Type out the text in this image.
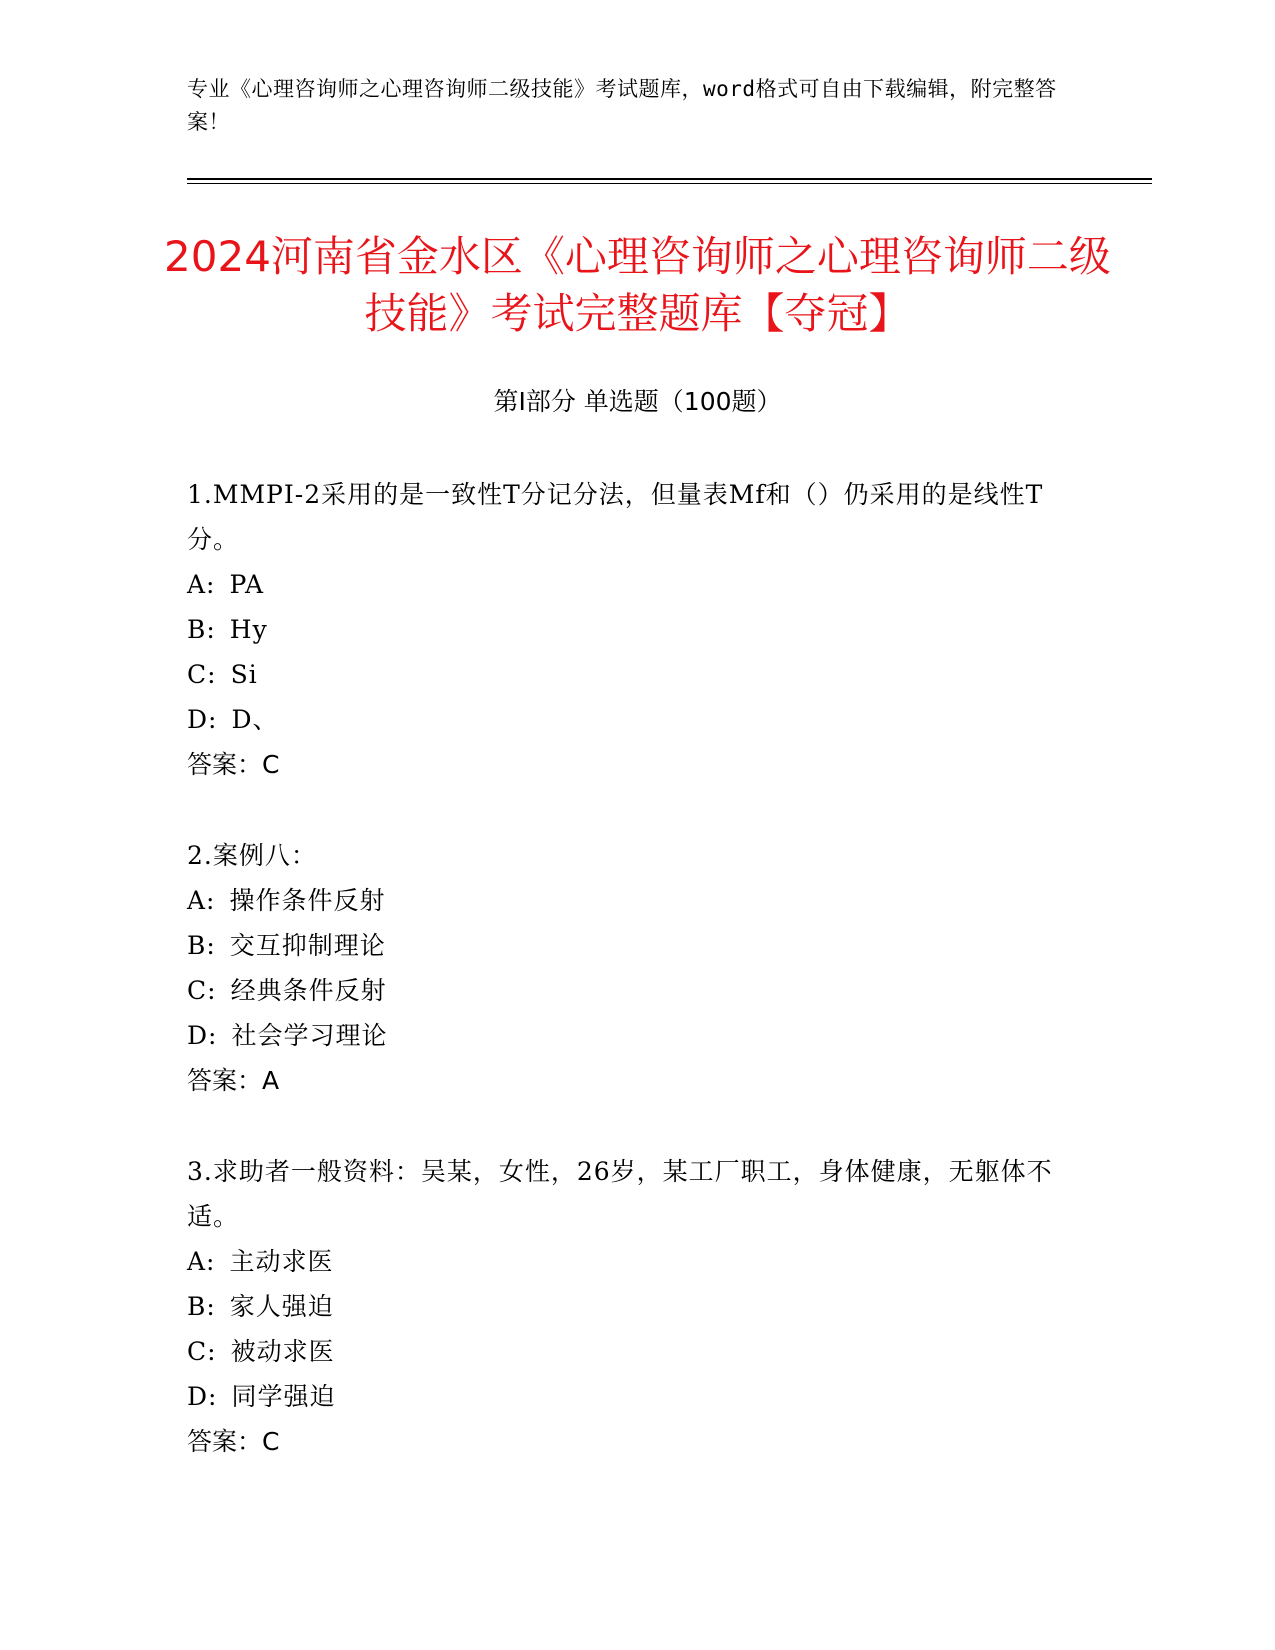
专业《心理咨询师之心理咨询师二级技能》考试题库，word格式可自由下载编辑，附完整答案！
2024河南省金水区《心理咨询师之心理咨询师二级技能》考试完整题库【夺冠】
第I部分 单选题（100题）
1.MMPI-2采用的是一致性T分记分法，但量表Mf和（）仍采用的是线性T分。
A: PA
B: Hy
C: Si
D: D、
答案：C
2.案例八：
A: 操作条件反射
B: 交互抑制理论
C: 经典条件反射
D: 社会学习理论
答案：A
3.求助者一般资料：吴某，女性，26岁，某工厂职工，身体健康，无躯体不适。
A: 主动求医
B: 家人强迫
C: 被动求医
D: 同学强迫
答案：C
